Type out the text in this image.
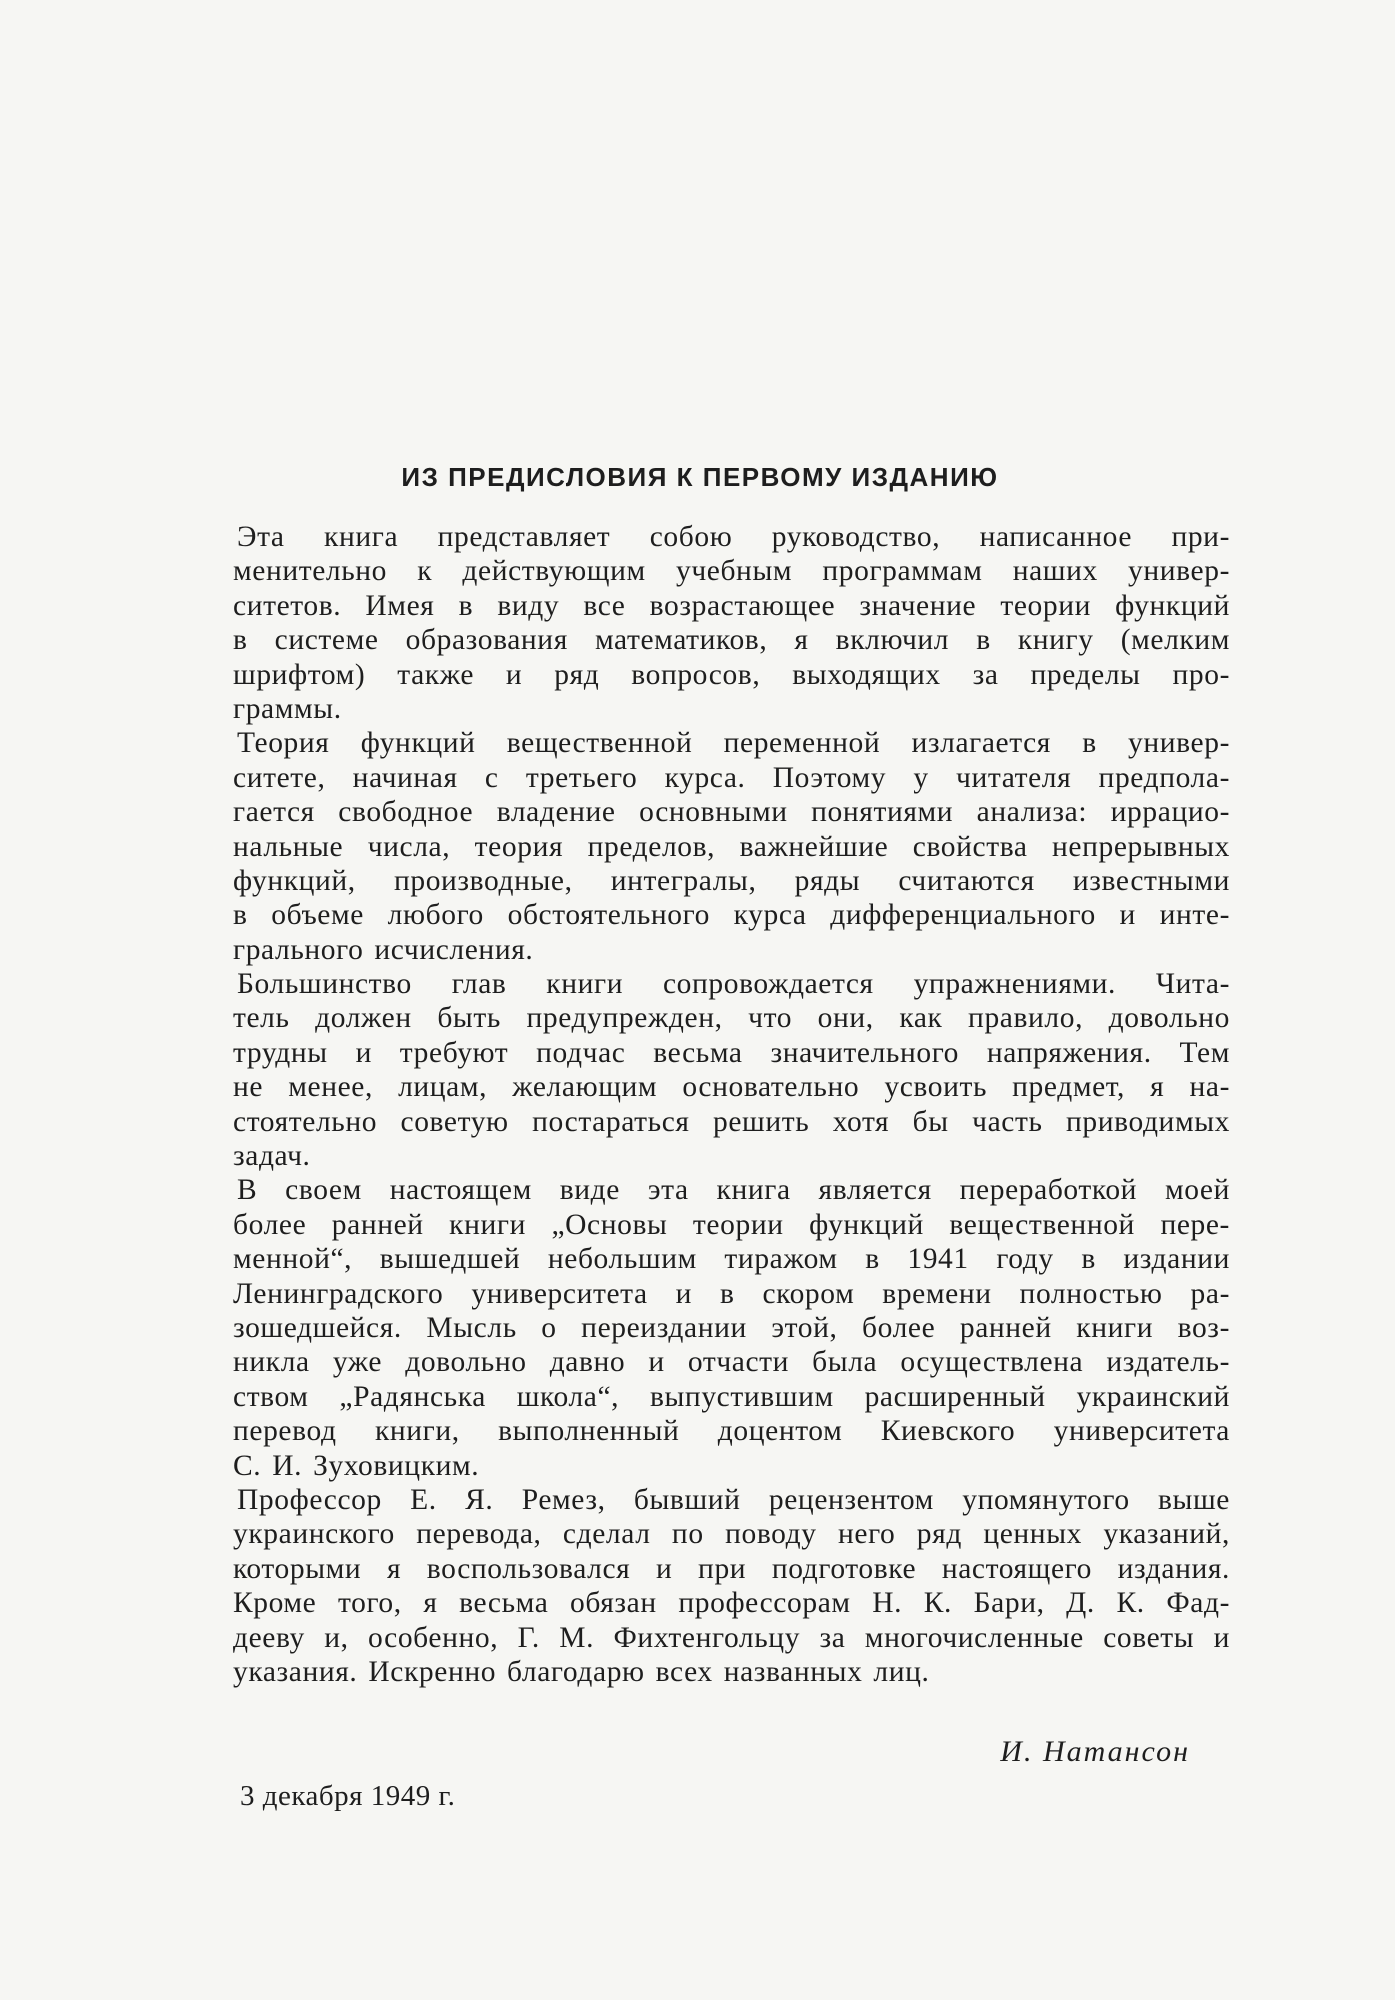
ИЗ ПРЕДИСЛОВИЯ К ПЕРВОМУ ИЗДАНИЮ

Эта книга представляет собою руководство, написанное при-
менительно к действующим учебным программам наших универ-
ситетов. Имея в виду все возрастающее значение теории функций
в системе образования математиков, я включил в книгу (мелким
шрифтом) также и ряд вопросов, выходящих за пределы про-
граммы.

Теория функций вещественной переменной излагается в универ-
ситете, начиная с третьего курса. Поэтому у читателя предпола-
гается свободное владение основными понятиями анализа: иррацио-
нальные числа, теория пределов, важнейшие свойства непрерывных
функций, производные, интегралы, ряды считаются известными
в объеме любого обстоятельного курса дифференциального и инте-
грального исчисления.

Большинство глав книги сопровождается упражнениями. Чита-
тель должен быть предупрежден, что они, как правило, довольно
трудны и требуют подчас весьма значительного напряжения. Тем
не менее, лицам, желающим основательно усвоить предмет, я на-
стоятельно советую постараться решить хотя бы часть приводимых
задач.

В своем настоящем виде эта книга является переработкой моей
более ранней книги „Основы теории функций вещественной пере-
менной“, вышедшей небольшим тиражом в 1941 году в издании
Ленинградского университета и в скором времени полностью ра-
зошедшейся. Мысль о переиздании этой, более ранней книги воз-
никла уже довольно давно и отчасти была осуществлена издатель-
ством „Радянська школа“, выпустившим расширенный украинский
перевод книги, выполненный доцентом Киевского университета
С. И. Зуховицким.

Профессор Е. Я. Ремез, бывший рецензентом упомянутого выше
украинского перевода, сделал по поводу него ряд ценных указаний,
которыми я воспользовался и при подготовке настоящего издания.
Кроме того, я весьма обязан профессорам Н. К. Бари, Д. К. Фад-
дееву и, особенно, Г. М. Фихтенгольцу за многочисленные советы и
указания. Искренно благодарю всех названных лиц.

И. Натансон

3 декабря 1949 г.
